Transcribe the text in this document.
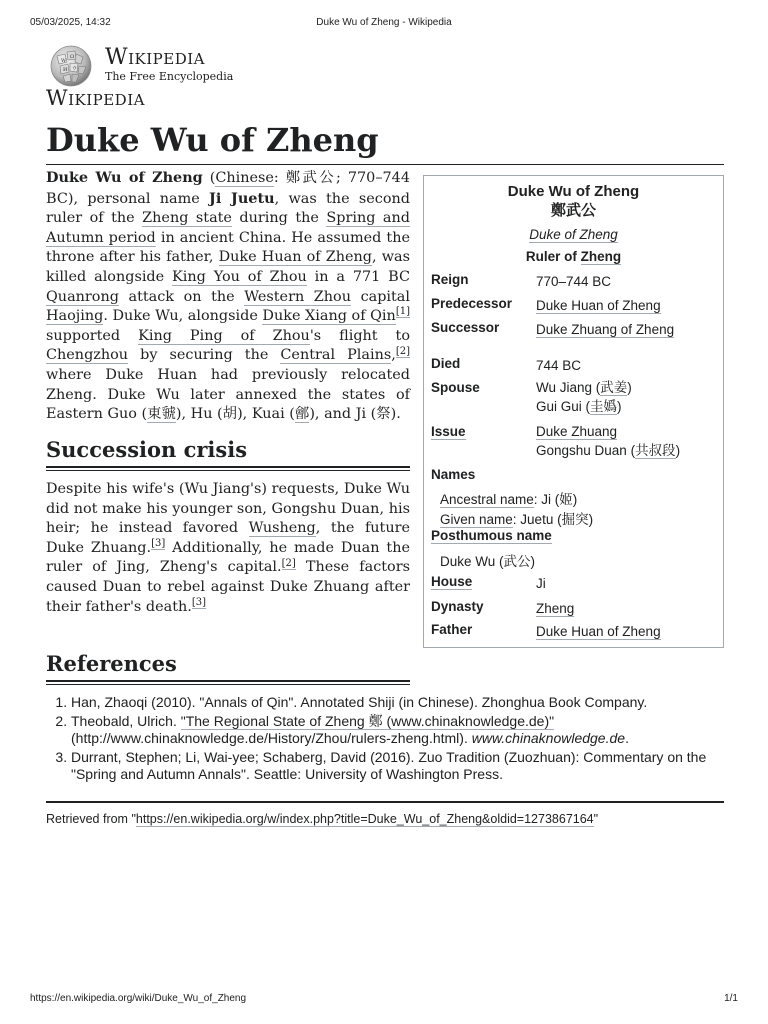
05/03/2025, 14:32	Duke Wu of Zheng - Wikipedia
W
Ω
ウ
И Wikipedia
The Free Encyclopedia
Wikipedia
Duke Wu of Zheng

Duke Wu of Zheng (Chinese: 鄭武公; 770–744 BC), personal name Ji Juetu, was the second ruler of the Zheng state during the Spring and Autumn period in ancient China. He assumed the throne after his father, Duke Huan of Zheng, was killed alongside King You of Zhou in a 771 BC Quanrong attack on the Western Zhou capital Haojing. Duke Wu, alongside Duke Xiang of Qin[1] supported King Ping of Zhou's flight to Chengzhou by securing the Central Plains,[2] where Duke Huan had previously relocated Zheng. Duke Wu later annexed the states of Eastern Guo (東虢), Hu (胡), Kuai (鄶), and Ji (祭).

Succession crisis

Despite his wife's (Wu Jiang's) requests, Duke Wu did not make his younger son, Gongshu Duan, his heir; he instead favored Wusheng, the future Duke Zhuang.[3] Additionally, he made Duan the ruler of Jing, Zheng's capital.[2] These factors caused Duan to rebel against Duke Zhuang after their father's death.[3]

References
1. Han, Zhaoqi (2010). "Annals of Qin". Annotated Shiji (in Chinese). Zhonghua Book Company.
2. Theobald, Ulrich. "The Regional State of Zheng 鄭 (www.chinaknowledge.de)" (http://www.chinaknowledge.de/History/Zhou/rulers-zheng.html). www.chinaknowledge.de.
3. Durrant, Stephen; Li, Wai-yee; Schaberg, David (2016). Zuo Tradition (Zuozhuan): Commentary on the "Spring and Autumn Annals". Seattle: University of Washington Press.
Retrieved from "https://en.wikipedia.org/w/index.php?title=Duke_Wu_of_Zheng&oldid=1273867164"
Duke Wu of Zheng
鄭武公
Duke of Zheng
Ruler of Zheng
Reign	770–744 BC
Predecessor Duke Huan of Zheng
Successor	Duke Zhuang of Zheng
Died	744 BC
Spouse	Wu Jiang (武姜)
Gui Gui (圭嬀)
Issue	Duke Zhuang
Gongshu Duan (共叔段)
Names
Ancestral name: Ji (姬)
Given name: Juetu (掘突)
Posthumous name
Duke Wu (武公)
House	Ji
Dynasty	Zheng
Father	Duke Huan of Zheng
https://en.wikipedia.org/wiki/Duke_Wu_of_Zheng	1/1
